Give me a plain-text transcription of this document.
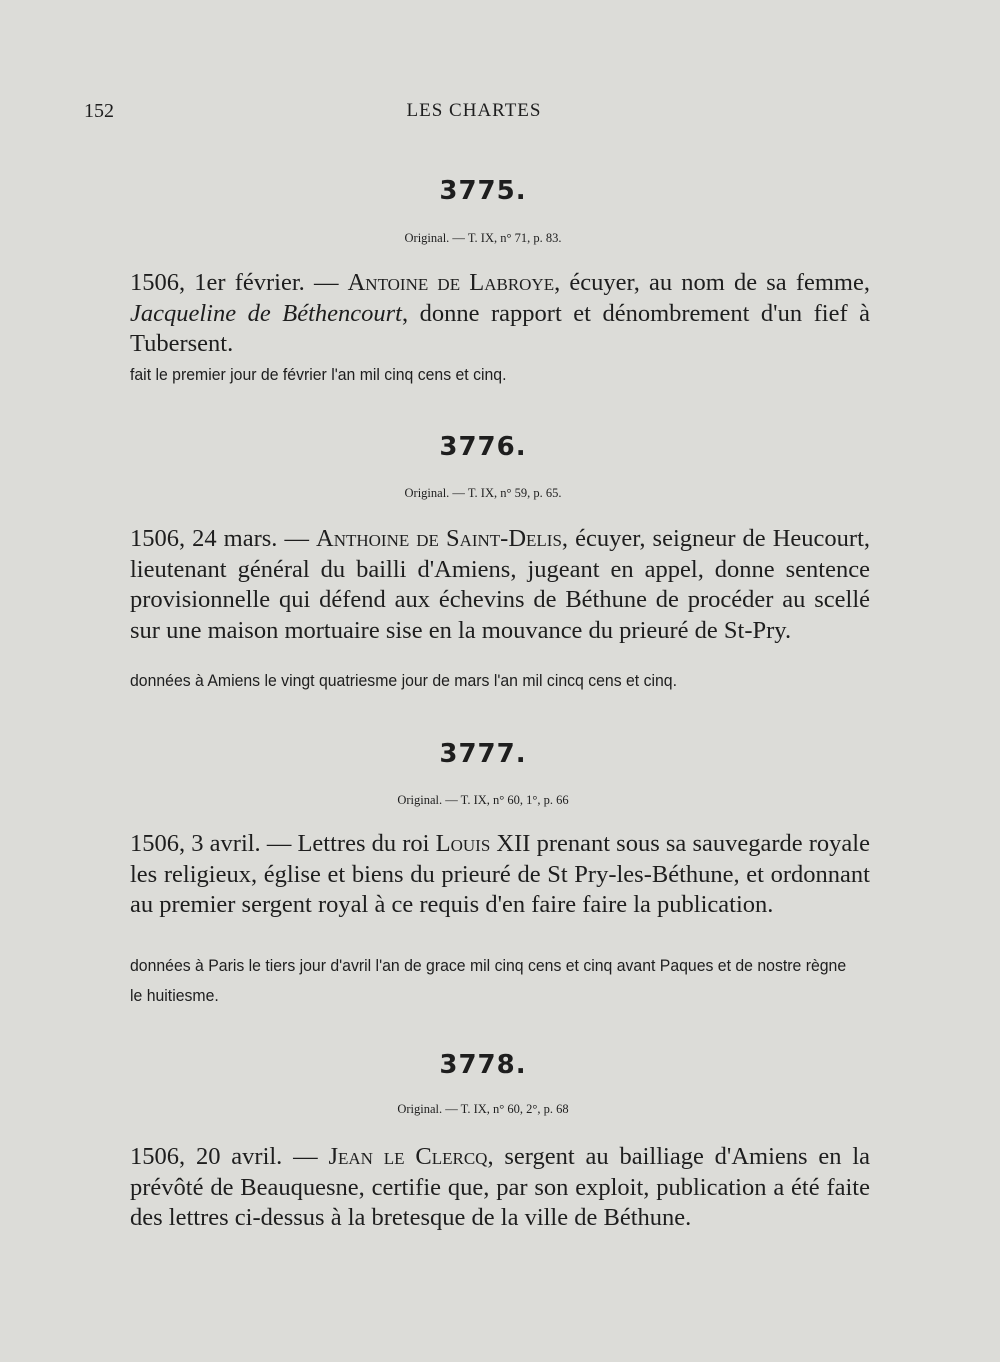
152	LES CHARTES
3775.
Original. — T. IX, n° 71, p. 83.
1506, 1er février. — Antoine de Labroye, écuyer, au nom de sa femme, Jacqueline de Béthencourt, donne rapport et dénombrement d'un fief à Tubersent.
fait le premier jour de février l'an mil cinq cens et cinq.
3776.
Original. — T. IX, n° 59, p. 65.
1506, 24 mars. — Anthoine de Saint-Delis, écuyer, seigneur de Heucourt, lieutenant général du bailli d'Amiens, jugeant en appel, donne sentence provisionnelle qui défend aux échevins de Béthune de procéder au scellé sur une maison mortuaire sise en la mouvance du prieuré de St-Pry.
données à Amiens le vingt quatriesme jour de mars l'an mil cincq cens et cinq.
3777.
Original. — T. IX, n° 60, 1°, p. 66
1506, 3 avril. — Lettres du roi Louis XII prenant sous sa sauvegarde royale les religieux, église et biens du prieuré de St Pry-les-Béthune, et ordonnant au premier sergent royal à ce requis d'en faire faire la publication.
données à Paris le tiers jour d'avril l'an de grace mil cinq cens et cinq avant Paques et de nostre règne le huitiesme.
3778.
Original. — T. IX, n° 60, 2°, p. 68
1506, 20 avril. — Jean le Clercq, sergent au bailliage d'Amiens en la prévôté de Beauquesne, certifie que, par son exploit, publication a été faite des lettres ci-dessus à la bretesque de la ville de Béthune.
